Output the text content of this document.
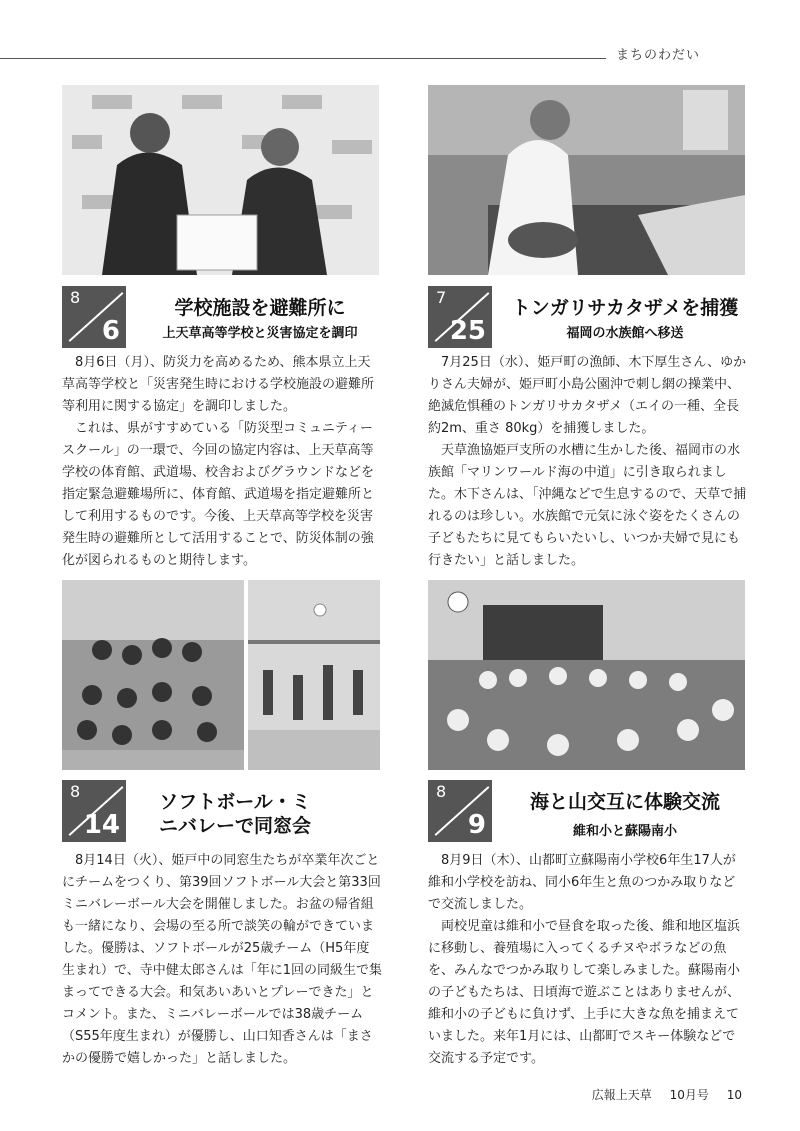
まちのわだい
8
6
学校施設を避難所に
上天草高等学校と災害協定を調印

8月6日（月）、防災力を高めるため、熊本県立上天草高等学校と「災害発生時における学校施設の避難所等利用に関する協定」を調印しました。

これは、県がすすめている「防災型コミュニティースクール」の一環で、今回の協定内容は、上天草高等学校の体育館、武道場、校舎およびグラウンドなどを指定緊急避難場所に、体育館、武道場を指定避難所として利用するものです。今後、上天草高等学校を災害発生時の避難所として活用することで、防災体制の強化が図られるものと期待します。

7
25
トンガリサカタザメを捕獲
福岡の水族館へ移送

7月25日（水）、姫戸町の漁師、木下厚生さん、ゆかりさん夫婦が、姫戸町小島公園沖で刺し網の操業中、絶滅危惧種のトンガリサカタザメ（エイの一種、全長約2m、重さ 80kg）を捕獲しました。

天草漁協姫戸支所の水槽に生かした後、福岡市の水族館「マリンワールド海の中道」に引き取られました。木下さんは、「沖縄などで生息するので、天草で捕れるのは珍しい。水族館で元気に泳ぐ姿をたくさんの子どもたちに見てもらいたいし、いつか夫婦で見にも行きたい」と話しました。

8
14
ソフトボール・ミニバレーで同窓会

8月14日（火）、姫戸中の同窓生たちが卒業年次ごとにチームをつくり、第39回ソフトボール大会と第33回ミニバレーボール大会を開催しました。お盆の帰省組も一緒になり、会場の至る所で談笑の輪ができていました。優勝は、ソフトボールが25歳チーム（H5年度生まれ）で、寺中健太郎さんは「年に1回の同級生で集まってできる大会。和気あいあいとプレーできた」とコメント。また、ミニバレーボールでは38歳チーム（S55年度生まれ）が優勝し、山口知香さんは「まさかの優勝で嬉しかった」と話しました。

8
9
海と山交互に体験交流
維和小と蘇陽南小

8月9日（木）、山都町立蘇陽南小学校6年生17人が維和小学校を訪ね、同小6年生と魚のつかみ取りなどで交流しました。

両校児童は維和小で昼食を取った後、維和地区塩浜に移動し、養殖場に入ってくるチヌやボラなどの魚を、みんなでつかみ取りして楽しみました。蘇陽南小の子どもたちは、日頃海で遊ぶことはありませんが、維和小の子どもに負けず、上手に大きな魚を捕まえていました。来年1月には、山都町でスキー体験などで交流する予定です。

広報上天草 10月号 10
